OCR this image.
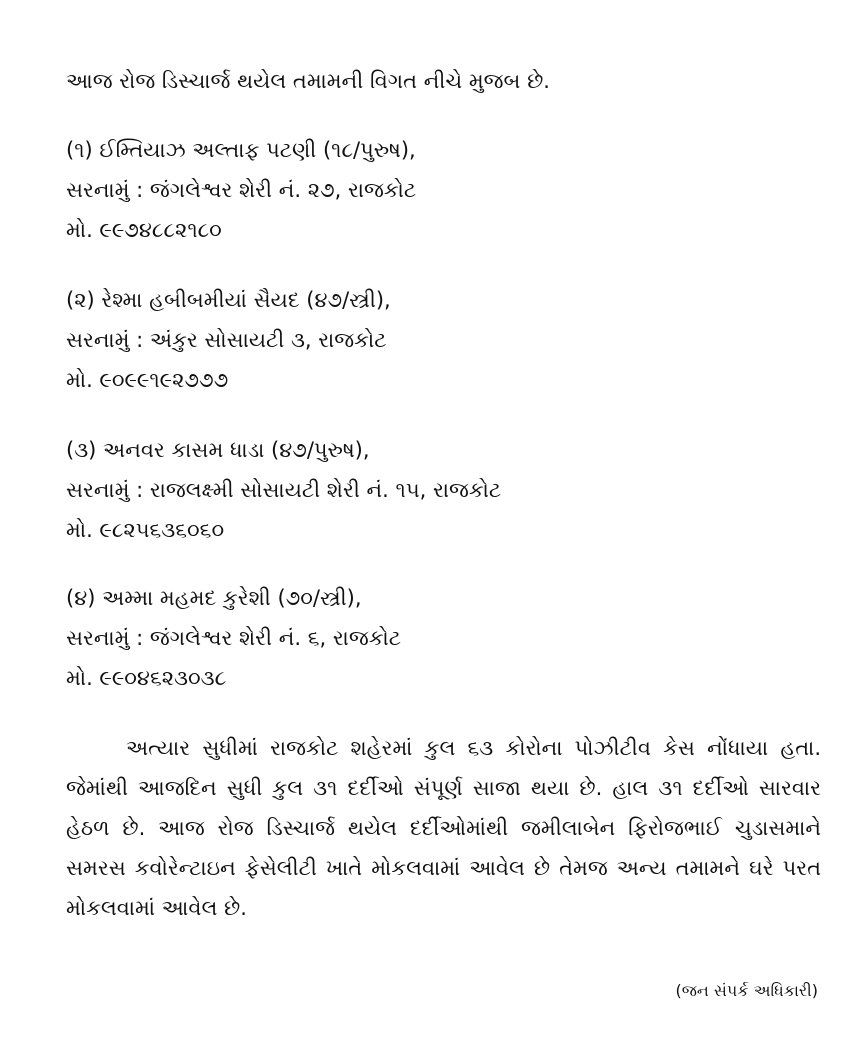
આજ રોજ ડિસ્ચાર્જ થયેલ તમામની વિગત નીચે મુજબ છે.
(૧) ઈમ્તિયાઝ અલ્તાફ પટણી (૧૮/પુરુષ),
સરનામું : જંગલેશ્વર શેરી નં. ૨૭, રાજકોટ
મો. ૯૯૭૪૮૮૨૧૮૦
(૨) રેશ્મા હબીબમીયાં સૈયદ (૪૭/સ્ત્રી),
સરનામું : અંકુર સોસાયટી ૩, રાજકોટ
મો. ૯૦૯૯૧૯૨૭૭૭
(૩) અનવર કાસમ ધાડા (૪૭/પુરુષ),
સરનામું : રાજલક્ષ્મી સોસાયટી શેરી નં. ૧૫, રાજકોટ
મો. ૯૮૨૫૬૩૬૦૬૦
(૪) અમ્મા મહમદ કુરેશી (૭૦/સ્ત્રી),
સરનામું : જંગલેશ્વર શેરી નં. ૬, રાજકોટ
મો. ૯૯૦૪૬૨૩૦૩૮

અત્યાર સુધીમાં રાજકોટ શહેરમાં કુલ ૬૩ કોરોના પોઝીટીવ કેસ નોંધાયા હતા. જેમાંથી આજદિન સુધી કુલ ૩૧ દર્દીઓ સંપૂર્ણ સાજા થયા છે. હાલ ૩૧ દર્દીઓ સારવાર હેઠળ છે. આજ રોજ ડિસ્ચાર્જ થયેલ દર્દીઓમાંથી જમીલાબેન ફિરોજભાઈ ચુડાસમાને સમરસ કવોરેન્ટાઇન ફેસેલીટી ખાતે મોકલવામાં આવેલ છે તેમજ અન્ય તમામને ઘરે પરત મોકલવામાં આવેલ છે.

(જન સંપર્ક અધિકારી)
